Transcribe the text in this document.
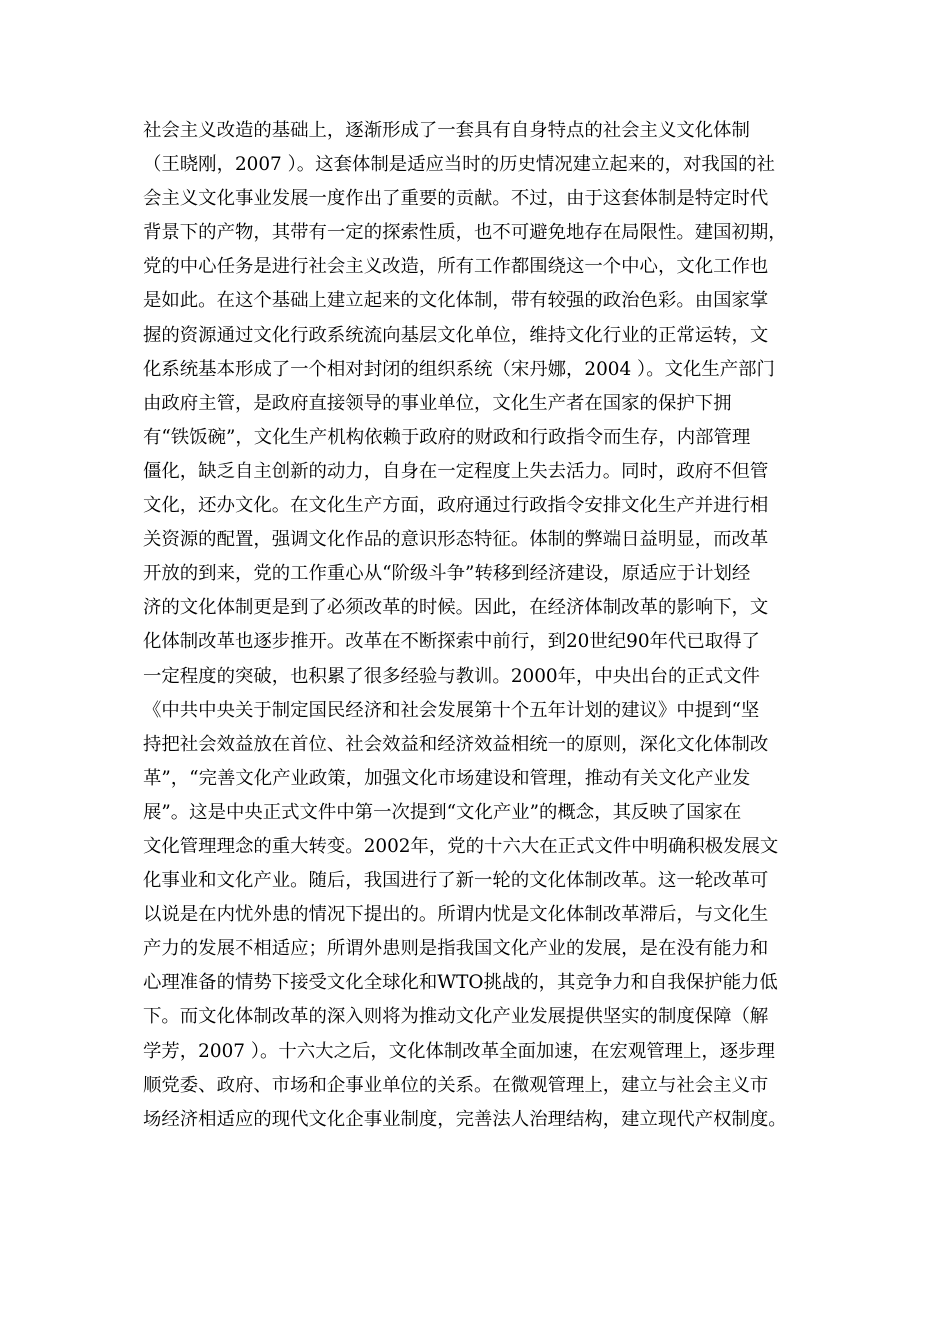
社会主义改造的基础上，逐渐形成了一套具有自身特点的社会主义文化体制
（王晓刚，2007 ）。这套体制是适应当时的历史情况建立起来的，对我国的社
会主义文化事业发展一度作出了重要的贡献。不过，由于这套体制是特定时代
背景下的产物，其带有一定的探索性质，也不可避免地存在局限性。建国初期，
党的中心任务是进行社会主义改造，所有工作都围绕这一个中心，文化工作也
是如此。在这个基础上建立起来的文化体制，带有较强的政治色彩。由国家掌
握的资源通过文化行政系统流向基层文化单位，维持文化行业的正常运转，文
化系统基本形成了一个相对封闭的组织系统（宋丹娜，2004 ）。文化生产部门
由政府主管，是政府直接领导的事业单位，文化生产者在国家的保护下拥
有“铁饭碗”，文化生产机构依赖于政府的财政和行政指令而生存，内部管理
僵化，缺乏自主创新的动力，自身在一定程度上失去活力。同时，政府不但管
文化，还办文化。在文化生产方面，政府通过行政指令安排文化生产并进行相
关资源的配置，强调文化作品的意识形态特征。体制的弊端日益明显，而改革
开放的到来，党的工作重心从“阶级斗争”转移到经济建设，原适应于计划经
济的文化体制更是到了必须改革的时候。因此，在经济体制改革的影响下，文
化体制改革也逐步推开。改革在不断探索中前行，到20世纪90年代已取得了
一定程度的突破，也积累了很多经验与教训。2000年，中央出台的正式文件
《中共中央关于制定国民经济和社会发展第十个五年计划的建议》中提到“坚
持把社会效益放在首位、社会效益和经济效益相统一的原则，深化文化体制改
革”，“完善文化产业政策，加强文化市场建设和管理，推动有关文化产业发
展”。这是中央正式文件中第一次提到“文化产业”的概念，其反映了国家在
文化管理理念的重大转变。2002年，党的十六大在正式文件中明确积极发展文
化事业和文化产业。随后，我国进行了新一轮的文化体制改革。这一轮改革可
以说是在内忧外患的情况下提出的。所谓内忧是文化体制改革滞后，与文化生
产力的发展不相适应；所谓外患则是指我国文化产业的发展，是在没有能力和
心理准备的情势下接受文化全球化和WTO挑战的，其竞争力和自我保护能力低
下。而文化体制改革的深入则将为推动文化产业发展提供坚实的制度保障（解
学芳，2007 ）。十六大之后，文化体制改革全面加速，在宏观管理上，逐步理
顺党委、政府、市场和企事业单位的关系。在微观管理上，建立与社会主义市
场经济相适应的现代文化企事业制度，完善法人治理结构，建立现代产权制度。
